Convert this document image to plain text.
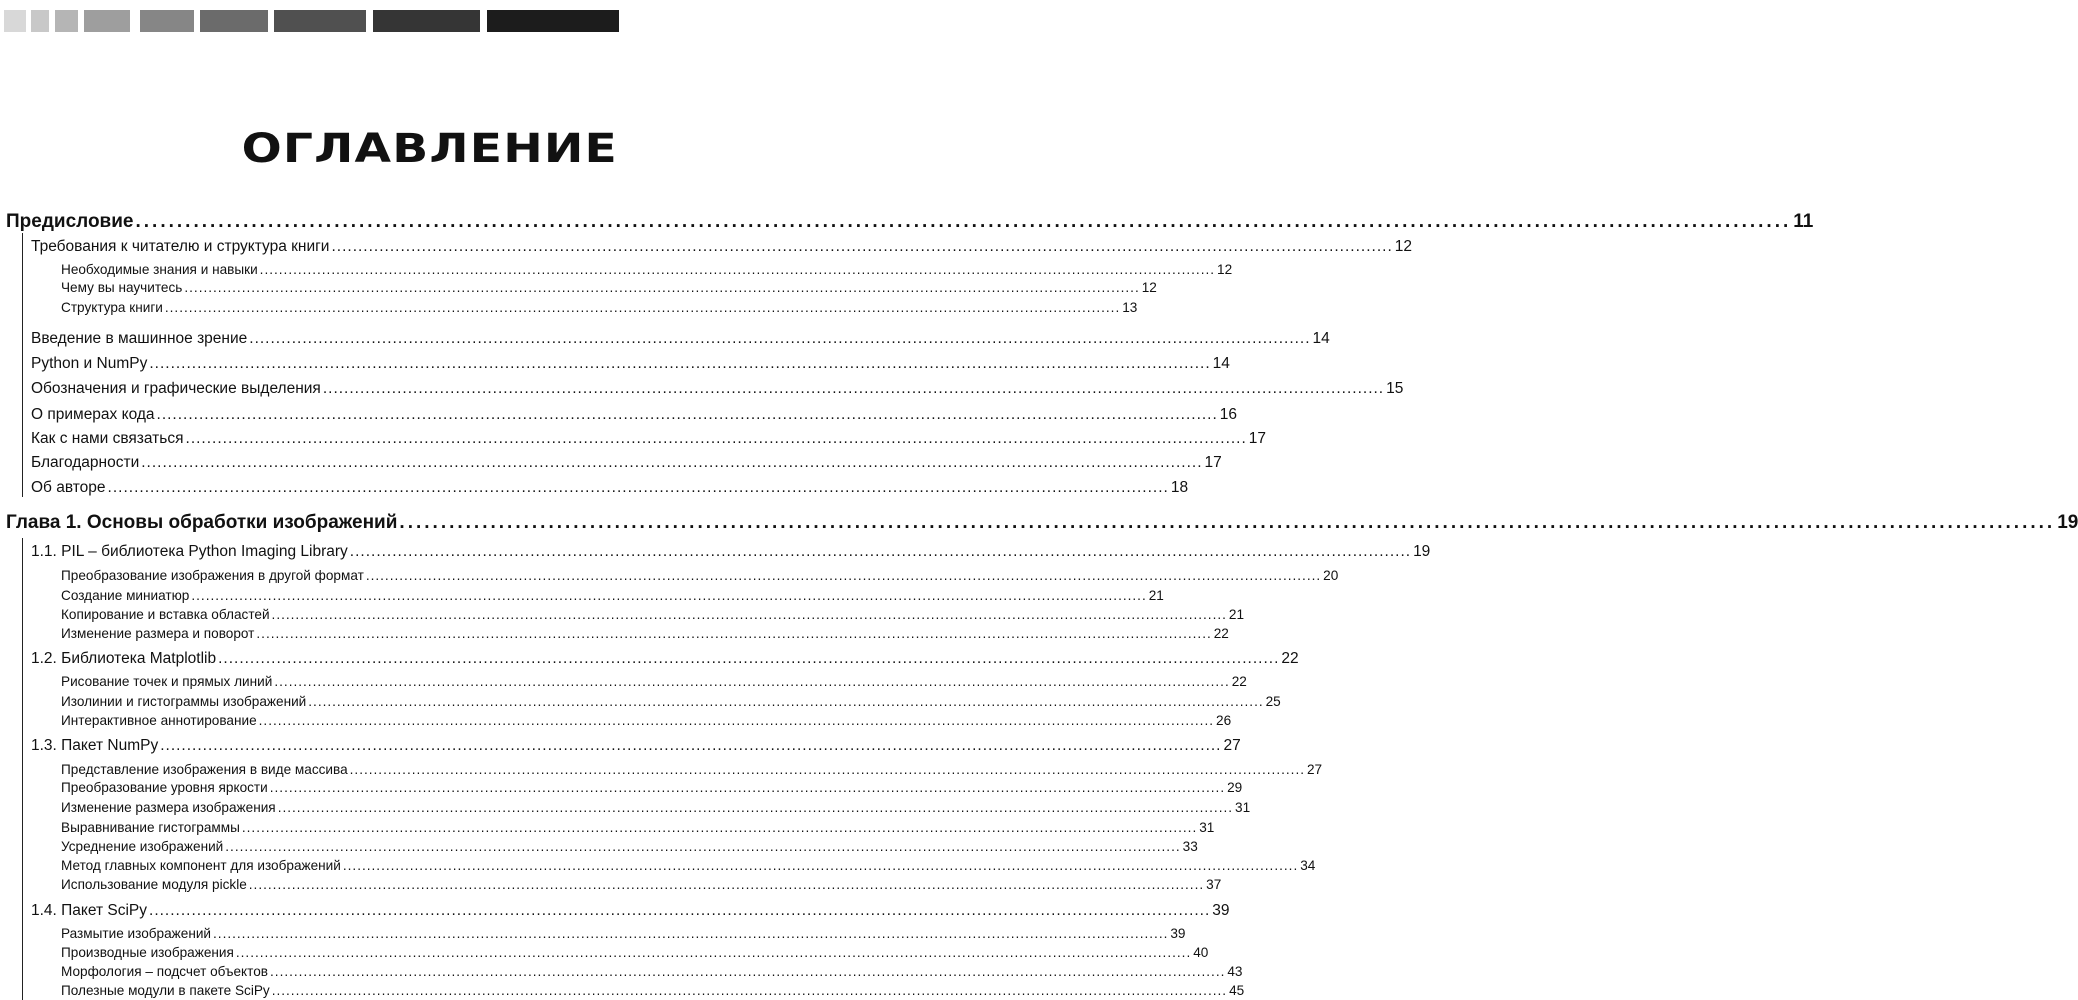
ОГЛАВЛЕНИЕ
Предисловие ........................................................................................................................................................................................................ 11
Требования к читателю и структура книги ........................................................................................................................................................................................................ 12
Необходимые знания и навыки ........................................................................................................................................................................................................ 12
Чему вы научитесь ........................................................................................................................................................................................................ 12
Структура книги ........................................................................................................................................................................................................ 13
Введение в машинное зрение ........................................................................................................................................................................................................ 14
Python и NumPy ........................................................................................................................................................................................................ 14
Обозначения и графические выделения ........................................................................................................................................................................................................ 15
О примерах кода ........................................................................................................................................................................................................ 16
Как с нами связаться ........................................................................................................................................................................................................ 17
Благодарности ........................................................................................................................................................................................................ 17
Об авторе ........................................................................................................................................................................................................ 18
Глава 1. Основы обработки изображений ........................................................................................................................................................................................................ 19
1.1. PIL – библиотека Python Imaging Library ........................................................................................................................................................................................................ 19
Преобразование изображения в другой формат ........................................................................................................................................................................................................ 20
Создание миниатюр ........................................................................................................................................................................................................ 21
Копирование и вставка областей ........................................................................................................................................................................................................ 21
Изменение размера и поворот ........................................................................................................................................................................................................ 22
1.2. Библиотека Matplotlib ........................................................................................................................................................................................................ 22
Рисование точек и прямых линий ........................................................................................................................................................................................................ 22
Изолинии и гистограммы изображений ........................................................................................................................................................................................................ 25
Интерактивное аннотирование ........................................................................................................................................................................................................ 26
1.3. Пакет NumPy ........................................................................................................................................................................................................ 27
Представление изображения в виде массива ........................................................................................................................................................................................................ 27
Преобразование уровня яркости ........................................................................................................................................................................................................ 29
Изменение размера изображения ........................................................................................................................................................................................................ 31
Выравнивание гистограммы ........................................................................................................................................................................................................ 31
Усреднение изображений ........................................................................................................................................................................................................ 33
Метод главных компонент для изображений ........................................................................................................................................................................................................ 34
Использование модуля pickle ........................................................................................................................................................................................................ 37
1.4. Пакет SciPy ........................................................................................................................................................................................................ 39
Размытие изображений ........................................................................................................................................................................................................ 39
Производные изображения ........................................................................................................................................................................................................ 40
Морфология – подсчет объектов ........................................................................................................................................................................................................ 43
Полезные модули в пакете SciPy ........................................................................................................................................................................................................ 45
